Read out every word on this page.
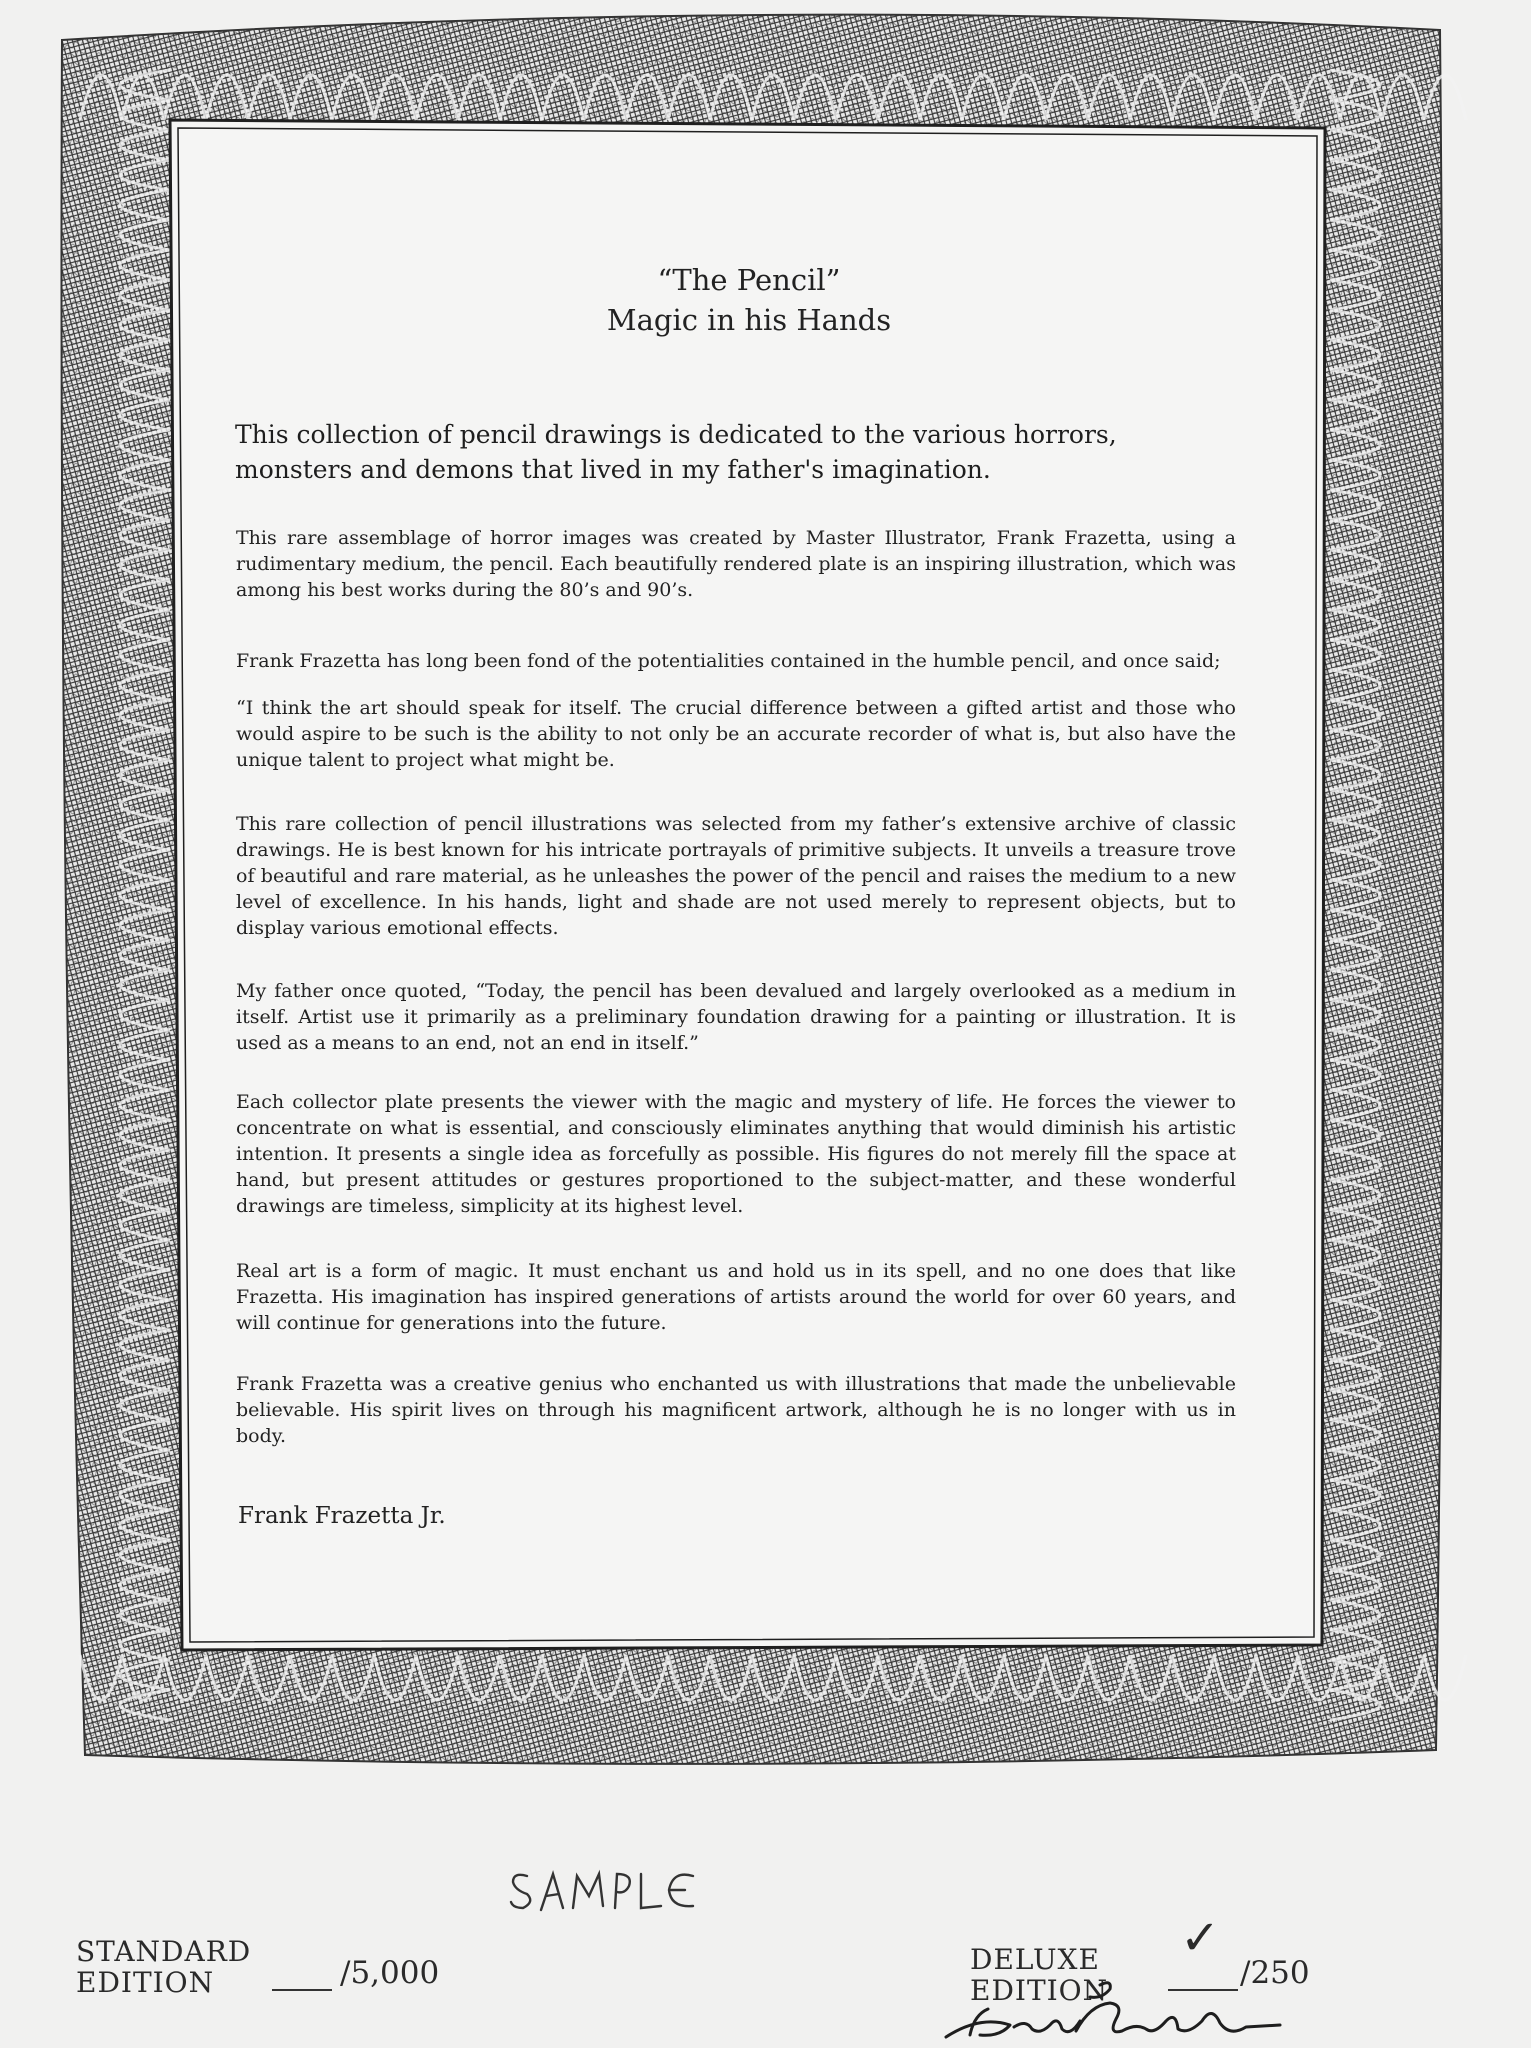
“The Pencil”
Magic in his Hands
This collection of pencil drawings is dedicated to the various horrors, monsters and demons that lived in my father's imagination.

This rare assemblage of horror images was created by Master Illustrator, Frank Frazetta, using a rudimentary medium, the pencil. Each beautifully rendered plate is an inspiring illustration, which was among his best works during the 80’s and 90’s.

Frank Frazetta has long been fond of the potentialities contained in the humble pencil, and once said;

“I think the art should speak for itself. The crucial difference between a gifted artist and those who would aspire to be such is the ability to not only be an accurate recorder of what is, but also have the unique talent to project what might be.

This rare collection of pencil illustrations was selected from my father’s extensive archive of classic drawings. He is best known for his intricate portrayals of primitive subjects. It unveils a treasure trove of beautiful and rare material, as he unleashes the power of the pencil and raises the medium to a new level of excellence. In his hands, light and shade are not used merely to represent objects, but to display various emotional effects.

My father once quoted, “Today, the pencil has been devalued and largely overlooked as a medium in itself. Artist use it primarily as a preliminary foundation drawing for a painting or illustration. It is used as a means to an end, not an end in itself.”

Each collector plate presents the viewer with the magic and mystery of life. He forces the viewer to concentrate on what is essential, and consciously eliminates anything that would diminish his artistic intention. It presents a single idea as forcefully as possible. His figures do not merely fill the space at hand, but present attitudes or gestures proportioned to the subject-matter, and these wonderful drawings are timeless, simplicity at its highest level.

Real art is a form of magic. It must enchant us and hold us in its spell, and no one does that like Frazetta. His imagination has inspired generations of artists around the world for over 60 years, and will continue for generations into the future.

Frank Frazetta was a creative genius who enchanted us with illustrations that made the unbelievable believable. His spirit lives on through his magnificent artwork, although he is no longer with us in body.

Frank Frazetta Jr.
STANDARD
EDITION	/5,000	DELUXE
EDITION
✓
/250
